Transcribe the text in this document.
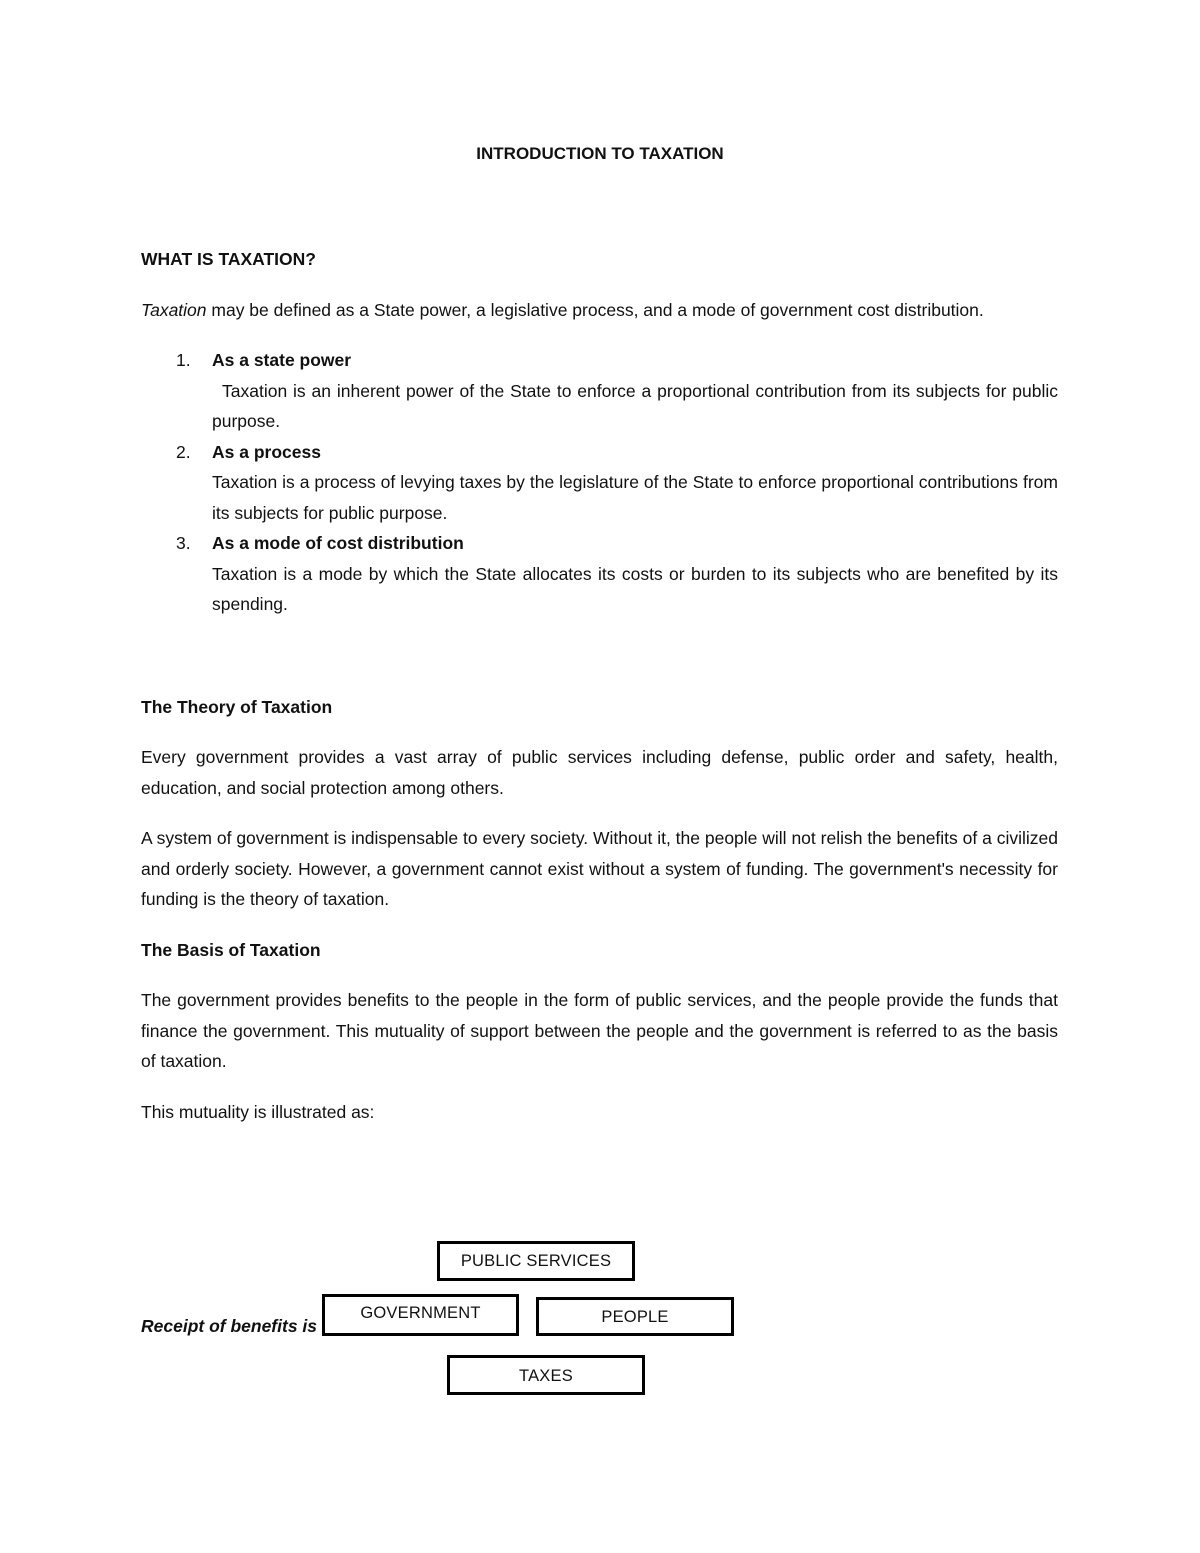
INTRODUCTION TO TAXATION

WHAT IS TAXATION?

Taxation may be defined as a State power, a legislative process, and a mode of government cost distribution.

1. As a state power
Taxation is an inherent power of the State to enforce a proportional contribution from its subjects for public purpose.
2. As a process
Taxation is a process of levying taxes by the legislature of the State to enforce proportional contributions from its subjects for public purpose.
3. As a mode of cost distribution
Taxation is a mode by which the State allocates its costs or burden to its subjects who are benefited by its spending.

The Theory of Taxation

Every government provides a vast array of public services including defense, public order and safety, health, education, and social protection among others.

A system of government is indispensable to every society. Without it, the people will not relish the benefits of a civilized and orderly society. However, a government cannot exist without a system of funding. The government's necessity for funding is the theory of taxation.

The Basis of Taxation

The government provides benefits to the people in the form of public services, and the people provide the funds that finance the government. This mutuality of support between the people and the government is referred to as the basis of taxation.

This mutuality is illustrated as:

Receipt of benefits is
PUBLIC SERVICES
GOVERNMENT	PEOPLE
TAXES
